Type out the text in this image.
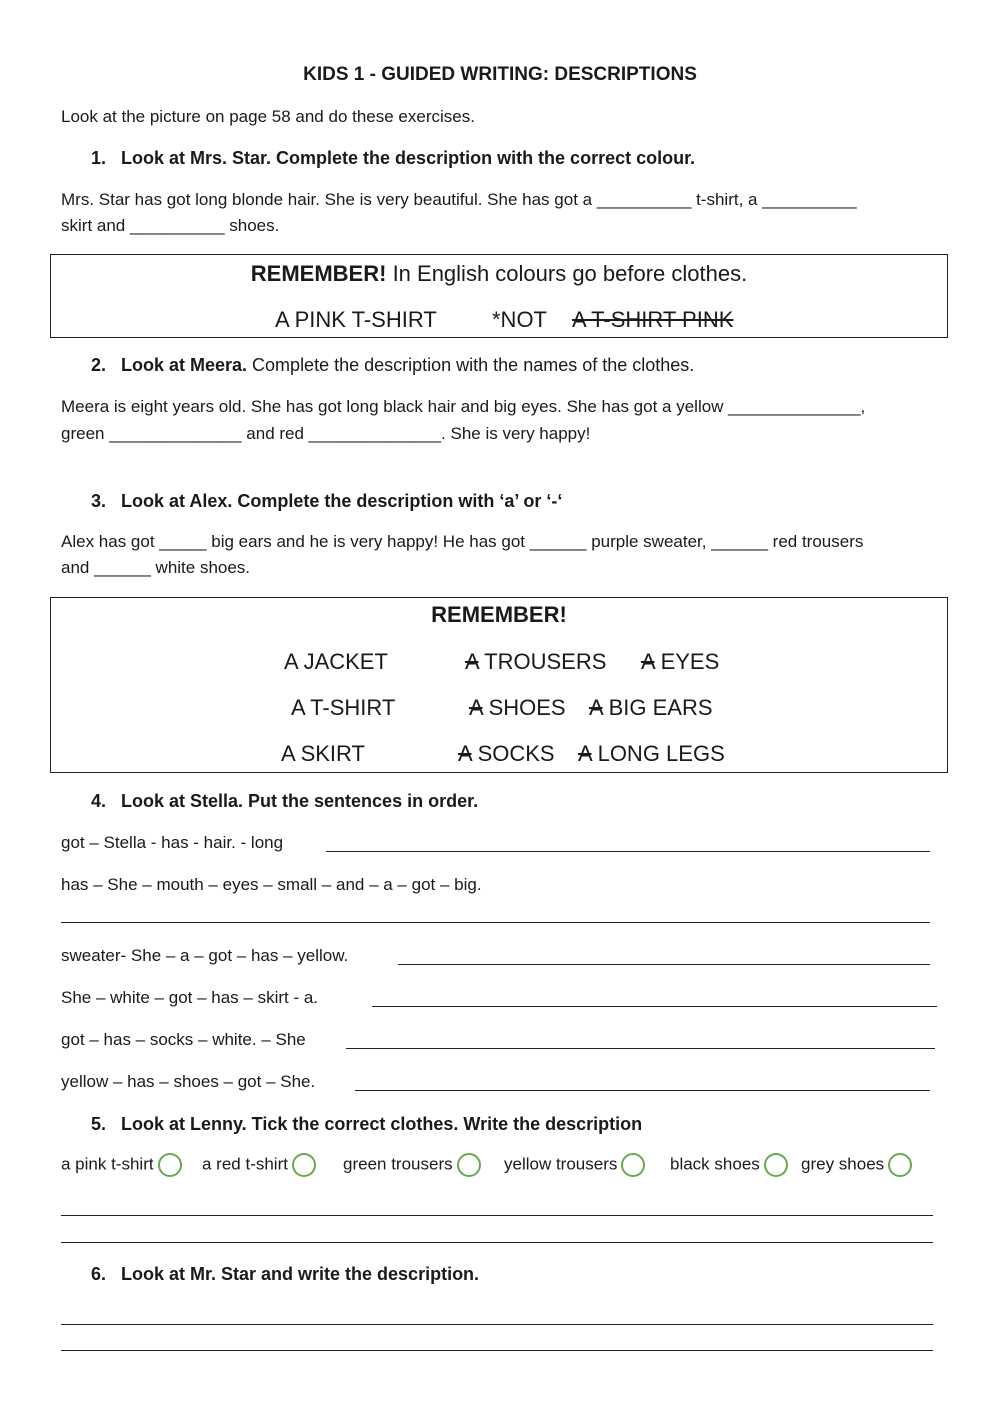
KIDS 1 - GUIDED WRITING: DESCRIPTIONS
Look at the picture on page 58 and do these exercises.
1. Look at Mrs. Star. Complete the description with the correct colour.
Mrs. Star has got long blonde hair. She is very beautiful. She has got a __________ t-shirt, a __________
skirt and __________ shoes.
REMEMBER! In English colours go before clothes.
A PINK T-SHIRT	*NOT A T-SHIRT PINK
2. Look at Meera. Complete the description with the names of the clothes.
Meera is eight years old. She has got long black hair and big eyes. She has got a yellow ______________,
green ______________ and red ______________. She is very happy!
3. Look at Alex. Complete the description with ‘a’ or ‘-‘
Alex has got _____ big ears and he is very happy! He has got ______ purple sweater, ______ red trousers
and ______ white shoes.
REMEMBER!
A JACKET	A TROUSERS A EYES
A T-SHIRT	A SHOES A BIG EARS
A SKIRT	A SOCKS A LONG LEGS
4. Look at Stella. Put the sentences in order.
got – Stella - has - hair. - long
has – She – mouth – eyes – small – and – a – got – big.
sweater- She – a – got – has – yellow.
She – white – got – has – skirt - a.
got – has – socks – white. – She
yellow – has – shoes – got – She.
5. Look at Lenny. Tick the correct clothes. Write the description
a pink t-shirt	a red t-shirt	green trousers	yellow trousers	black shoes	grey shoes
6. Look at Mr. Star and write the description.
